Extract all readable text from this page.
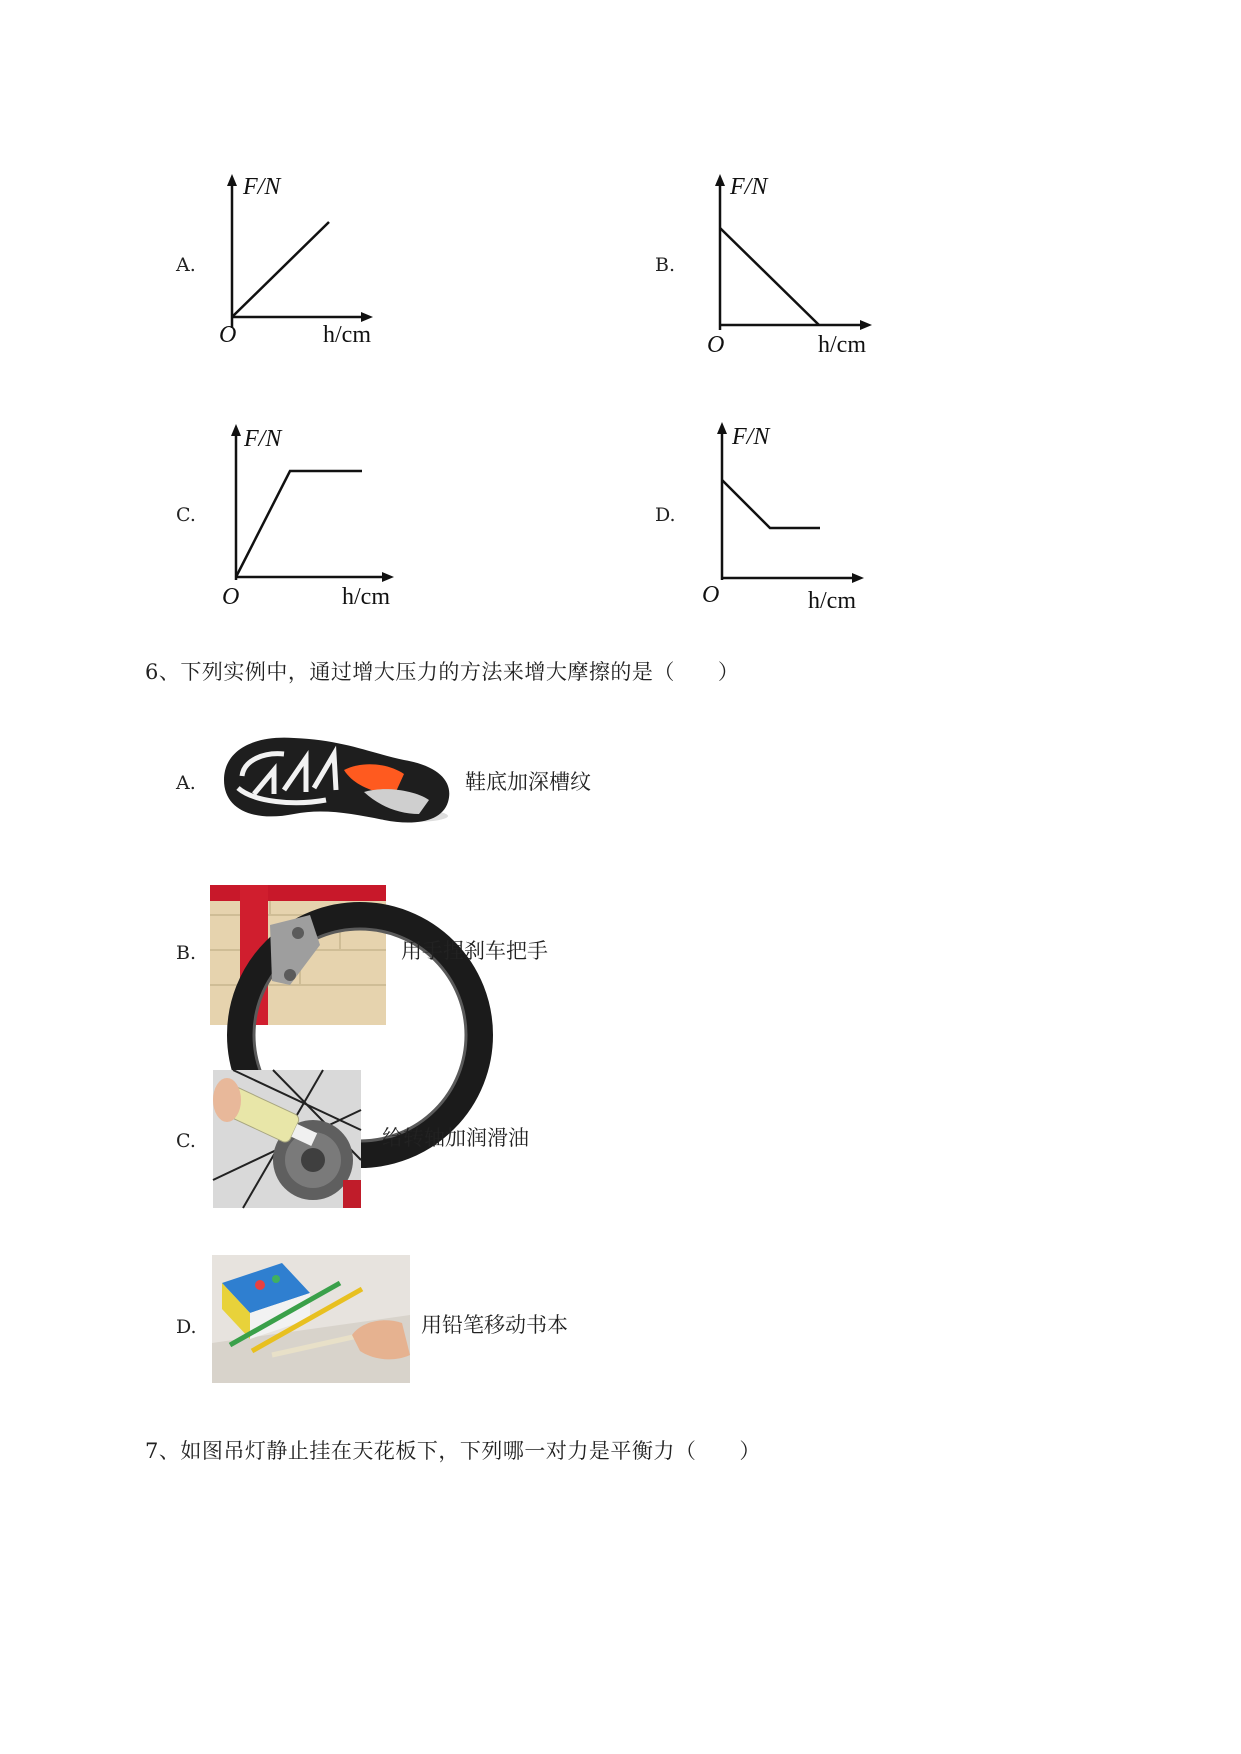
A.
F/N
O	h/cm
B.
F/N
O	h/cm
C.
F/N
O	h/cm
D.
F/N
O	h/cm
6、下列实例中，通过增大压力的方法来增大摩擦的是（　　）
A.	鞋底加深槽纹
B.	用手捏刹车把手
C.	给转轴加润滑油
D.	用铅笔移动书本
7、如图吊灯静止挂在天花板下，下列哪一对力是平衡力（　　）
